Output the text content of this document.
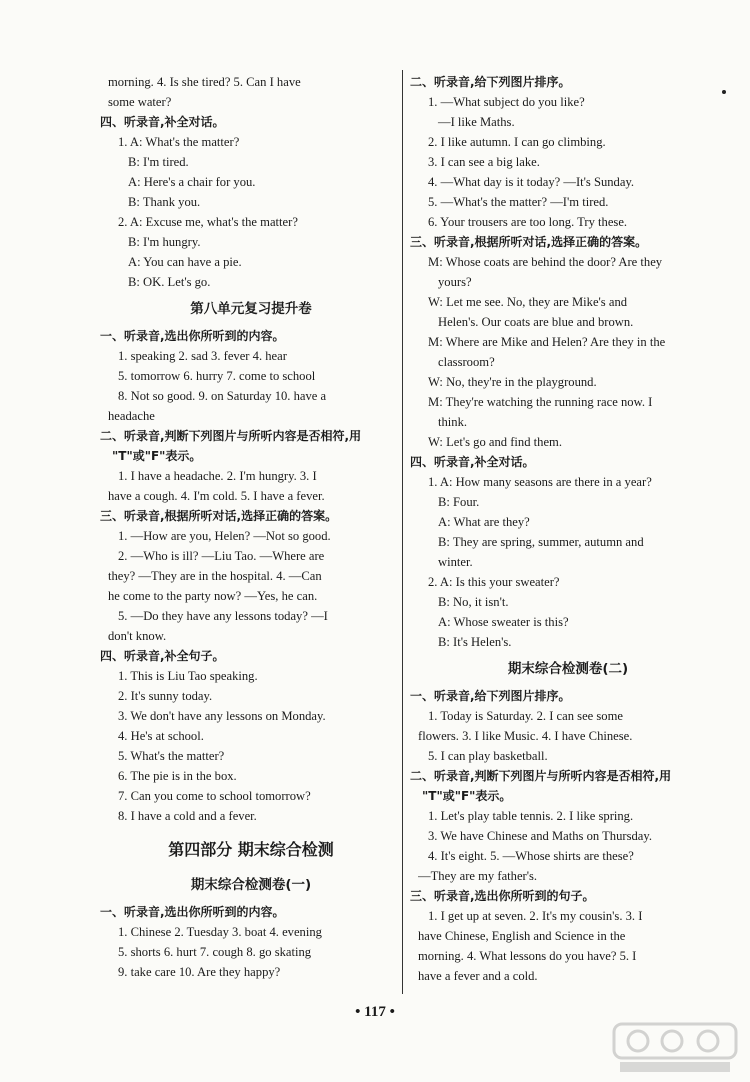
morning. 4. Is she tired? 5. Can I have
some water?
四、听录音,补全对话。
1. A: What's the matter?
B: I'm tired.
A: Here's a chair for you.
B: Thank you.
2. A: Excuse me, what's the matter?
B: I'm hungry.
A: You can have a pie.
B: OK. Let's go.
第八单元复习提升卷
一、听录音,选出你所听到的内容。
1. speaking 2. sad 3. fever 4. hear
5. tomorrow 6. hurry 7. come to school
8. Not so good. 9. on Saturday 10. have a
headache
二、听录音,判断下列图片与所听内容是否相符,用
"T"或"F"表示。
1. I have a headache. 2. I'm hungry. 3. I
have a cough. 4. I'm cold. 5. I have a fever.
三、听录音,根据所听对话,选择正确的答案。
1. —How are you, Helen? —Not so good.
2. —Who is ill? —Liu Tao. —Where are
they? —They are in the hospital. 4. —Can
he come to the party now? —Yes, he can.
5. —Do they have any lessons today? —I
don't know.
四、听录音,补全句子。
1. This is Liu Tao speaking.
2. It's sunny today.
3. We don't have any lessons on Monday.
4. He's at school.
5. What's the matter?
6. The pie is in the box.
7. Can you come to school tomorrow?
8. I have a cold and a fever.
第四部分 期末综合检测
期末综合检测卷(一)
一、听录音,选出你所听到的内容。
1. Chinese 2. Tuesday 3. boat 4. evening
5. shorts 6. hurt 7. cough 8. go skating
9. take care 10. Are they happy?
二、听录音,给下列图片排序。
1. —What subject do you like?
—I like Maths.
2. I like autumn. I can go climbing.
3. I can see a big lake.
4. —What day is it today? —It's Sunday.
5. —What's the matter? —I'm tired.
6. Your trousers are too long. Try these.
三、听录音,根据所听对话,选择正确的答案。
M: Whose coats are behind the door? Are they
yours?
W: Let me see. No, they are Mike's and
Helen's. Our coats are blue and brown.
M: Where are Mike and Helen? Are they in the
classroom?
W: No, they're in the playground.
M: They're watching the running race now. I
think.
W: Let's go and find them.
四、听录音,补全对话。
1. A: How many seasons are there in a year?
B: Four.
A: What are they?
B: They are spring, summer, autumn and
winter.
2. A: Is this your sweater?
B: No, it isn't.
A: Whose sweater is this?
B: It's Helen's.
期末综合检测卷(二)
一、听录音,给下列图片排序。
1. Today is Saturday. 2. I can see some
flowers. 3. I like Music. 4. I have Chinese.
5. I can play basketball.
二、听录音,判断下列图片与所听内容是否相符,用
"T"或"F"表示。
1. Let's play table tennis. 2. I like spring.
3. We have Chinese and Maths on Thursday.
4. It's eight. 5. —Whose shirts are these?
—They are my father's.
三、听录音,选出你所听到的句子。
1. I get up at seven. 2. It's my cousin's. 3. I
have Chinese, English and Science in the
morning. 4. What lessons do you have? 5. I
have a fever and a cold.
• 117 •
